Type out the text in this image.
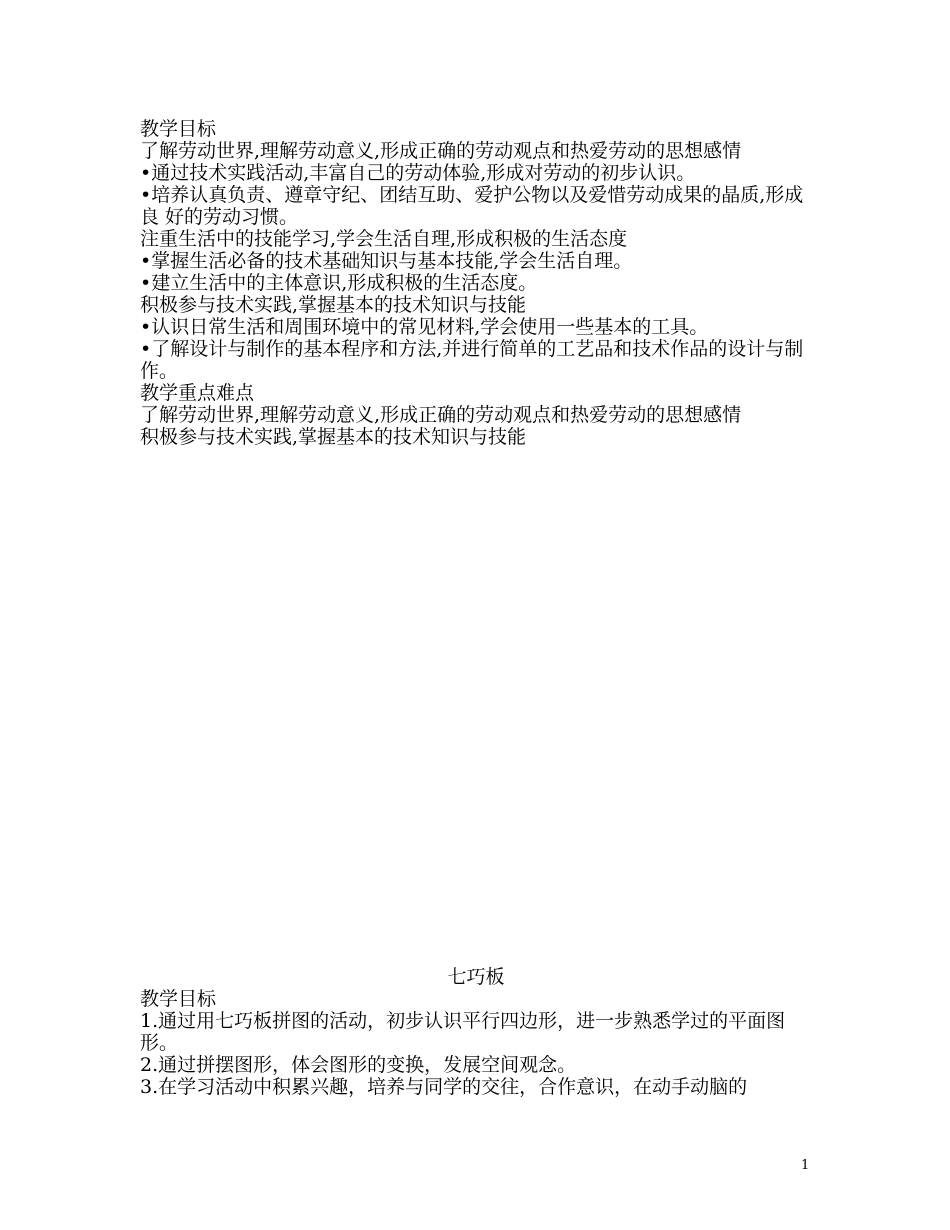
教学目标

了解劳动世界,理解劳动意义,形成正确的劳动观点和热爱劳动的思想感情

•通过技术实践活动,丰富自己的劳动体验,形成对劳动的初步认识。

•培养认真负责、遵章守纪、团结互助、爱护公物以及爱惜劳动成果的晶质,形成良 好的劳动习惯。

注重生活中的技能学习,学会生活自理,形成积极的生活态度

•掌握生活必备的技术基础知识与基本技能,学会生活自理。

•建立生活中的主体意识,形成积极的生活态度。

积极参与技术实践,掌握基本的技术知识与技能

•认识日常生活和周围环境中的常见材料,学会使用一些基本的工具。

•了解设计与制作的基本程序和方法,并进行简单的工艺品和技术作品的设计与制作。

教学重点难点

了解劳动世界,理解劳动意义,形成正确的劳动观点和热爱劳动的思想感情

积极参与技术实践,掌握基本的技术知识与技能

七巧板

教学目标

1.通过用七巧板拼图的活动，初步认识平行四边形，进一步熟悉学过的平面图形。

2.通过拼摆图形，体会图形的变换，发展空间观念。

3.在学习活动中积累兴趣，培养与同学的交往，合作意识，在动手动脑的

1
